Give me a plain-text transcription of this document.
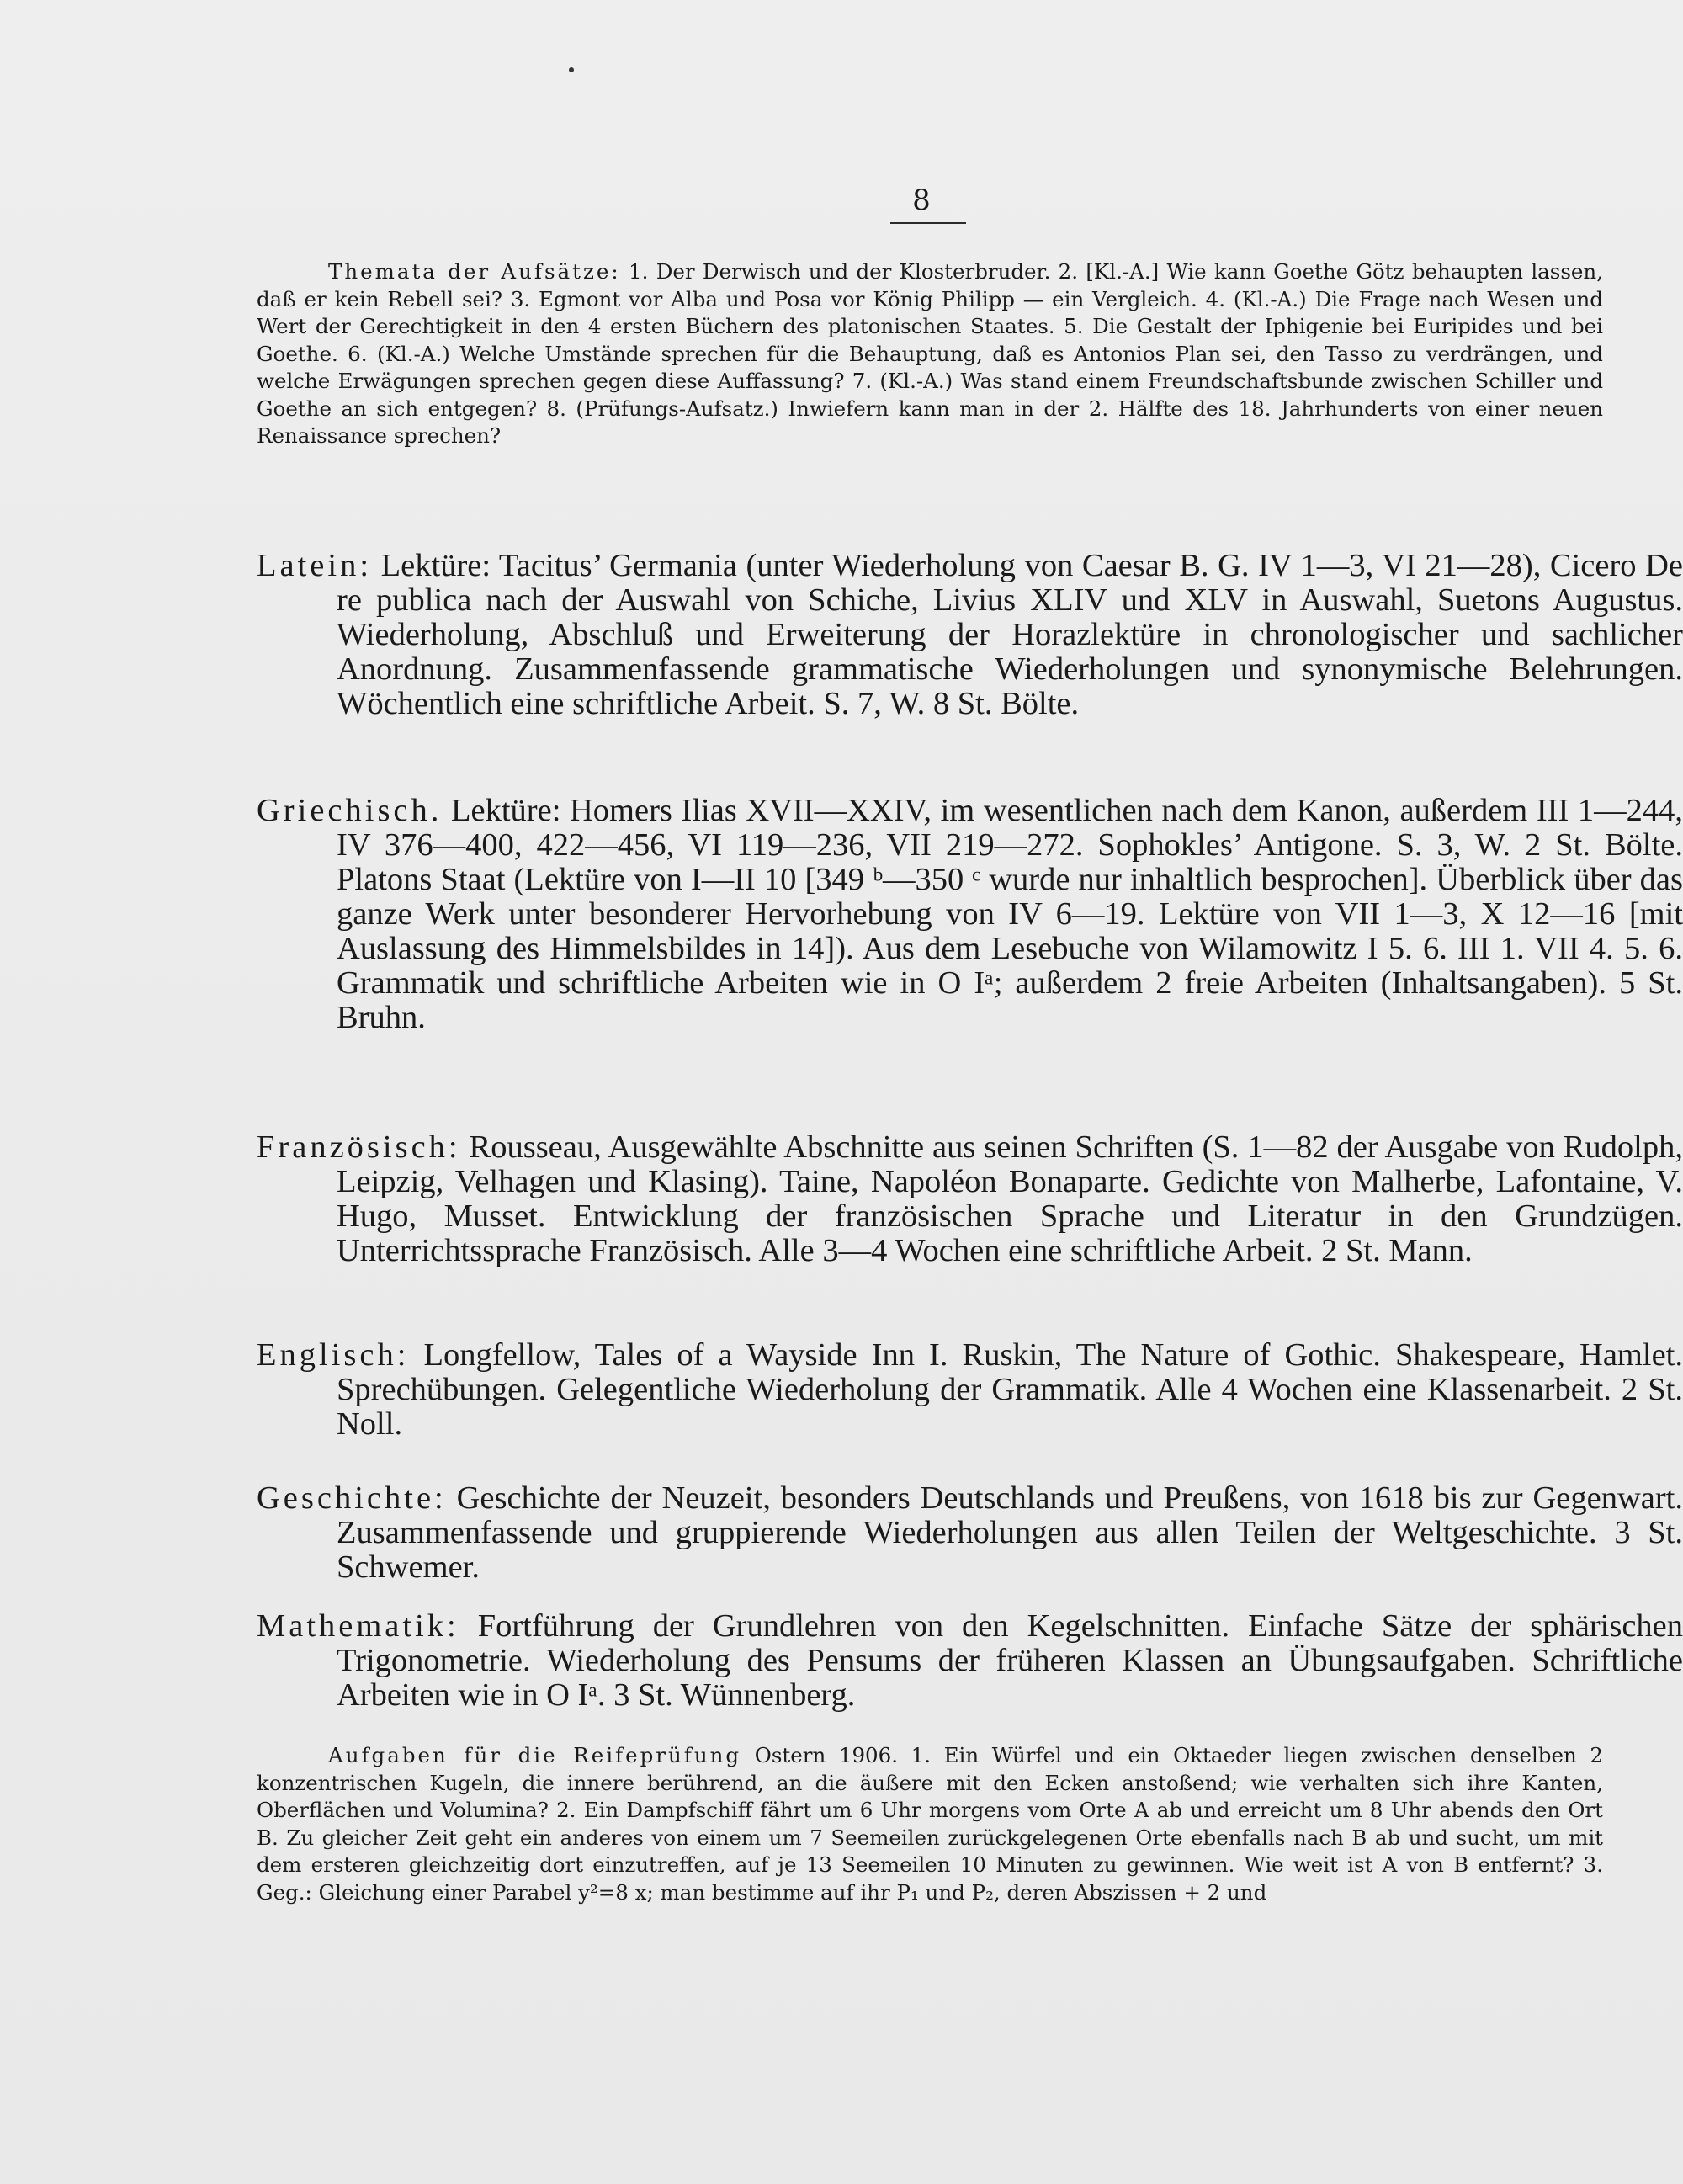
8
Themata der Aufsätze: 1. Der Derwisch und der Klosterbruder. 2. [Kl.-A.] Wie kann Goethe Götz behaupten lassen, daß er kein Rebell sei? 3. Egmont vor Alba und Posa vor König Philipp — ein Vergleich. 4. (Kl.-A.) Die Frage nach Wesen und Wert der Gerechtigkeit in den 4 ersten Büchern des platonischen Staates. 5. Die Gestalt der Iphigenie bei Euripides und bei Goethe. 6. (Kl.-A.) Welche Umstände sprechen für die Behauptung, daß es Antonios Plan sei, den Tasso zu verdrängen, und welche Erwägungen sprechen gegen diese Auffassung? 7. (Kl.-A.) Was stand einem Freundschaftsbunde zwischen Schiller und Goethe an sich entgegen? 8. (Prüfungs-Aufsatz.) Inwiefern kann man in der 2. Hälfte des 18. Jahrhunderts von einer neuen Renaissance sprechen?
Latein: Lektüre: Tacitus’ Germania (unter Wiederholung von Caesar B. G. IV 1—3, VI 21—28), Cicero De re publica nach der Auswahl von Schiche, Livius XLIV und XLV in Auswahl, Suetons Augustus. Wiederholung, Abschluß und Erweiterung der Horazlektüre in chronologischer und sachlicher Anordnung. Zusammenfassende grammatische Wiederholungen und synonymische Belehrungen. Wöchentlich eine schriftliche Arbeit. S. 7, W. 8 St. Bölte.
Griechisch. Lektüre: Homers Ilias XVII—XXIV, im wesentlichen nach dem Kanon, außerdem III 1—244, IV 376—400, 422—456, VI 119—236, VII 219—272. Sophokles’ Antigone. S. 3, W. 2 St. Bölte. Platons Staat (Lektüre von I—II 10 [349 ᵇ—350 ᶜ wurde nur inhaltlich besprochen]. Überblick über das ganze Werk unter besonderer Hervorhebung von IV 6—19. Lektüre von VII 1—3, X 12—16 [mit Auslassung des Himmelsbildes in 14]). Aus dem Lesebuche von Wilamowitz I 5. 6. III 1. VII 4. 5. 6. Grammatik und schriftliche Arbeiten wie in O Iᵃ; außerdem 2 freie Arbeiten (Inhaltsangaben). 5 St. Bruhn.
Französisch: Rousseau, Ausgewählte Abschnitte aus seinen Schriften (S. 1—82 der Ausgabe von Rudolph, Leipzig, Velhagen und Klasing). Taine, Napoléon Bonaparte. Gedichte von Malherbe, Lafontaine, V. Hugo, Musset. Entwicklung der französischen Sprache und Literatur in den Grundzügen. Unterrichtssprache Französisch. Alle 3—4 Wochen eine schriftliche Arbeit. 2 St. Mann.
Englisch: Longfellow, Tales of a Wayside Inn I. Ruskin, The Nature of Gothic. Shakespeare, Hamlet. Sprechübungen. Gelegentliche Wiederholung der Grammatik. Alle 4 Wochen eine Klassenarbeit. 2 St. Noll.
Geschichte: Geschichte der Neuzeit, besonders Deutschlands und Preußens, von 1618 bis zur Gegenwart. Zusammenfassende und gruppierende Wiederholungen aus allen Teilen der Weltgeschichte. 3 St. Schwemer.
Mathematik: Fortführung der Grundlehren von den Kegelschnitten. Einfache Sätze der sphärischen Trigonometrie. Wiederholung des Pensums der früheren Klassen an Übungsaufgaben. Schriftliche Arbeiten wie in O Iᵃ. 3 St. Wünnenberg.
Aufgaben für die Reifeprüfung Ostern 1906. 1. Ein Würfel und ein Oktaeder liegen zwischen denselben 2 konzentrischen Kugeln, die innere berührend, an die äußere mit den Ecken anstoßend; wie verhalten sich ihre Kanten, Oberflächen und Volumina? 2. Ein Dampfschiff fährt um 6 Uhr morgens vom Orte A ab und erreicht um 8 Uhr abends den Ort B. Zu gleicher Zeit geht ein anderes von einem um 7 Seemeilen zurückgelegenen Orte ebenfalls nach B ab und sucht, um mit dem ersteren gleichzeitig dort einzutreffen, auf je 13 Seemeilen 10 Minuten zu gewinnen. Wie weit ist A von B entfernt? 3. Geg.: Gleichung einer Parabel y²=8 x; man bestimme auf ihr P₁ und P₂, deren Abszissen + 2 und
